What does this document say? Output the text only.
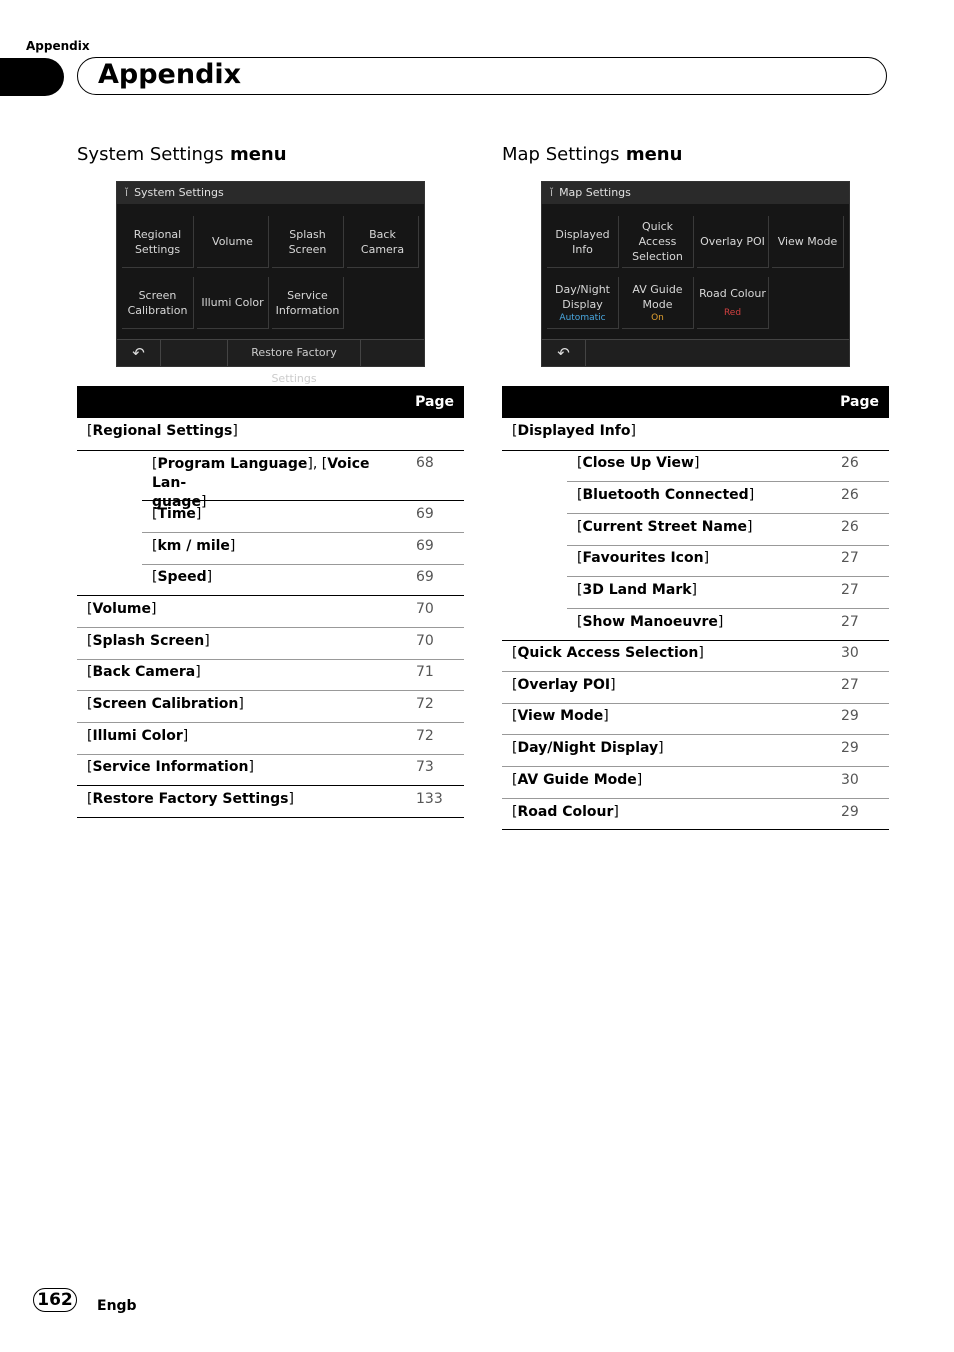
Appendix
Appendix
System Settings menu
ǐ System Settings
Regional
Settings
Volume
Splash
Screen
Back
Camera
Screen
Calibration
Illumi Color
Service
Information
↶	Restore Factory Settings
Page
[Regional Settings]
[Program Language], [Voice Lan-
guage]
68
[Time]	69
[km / mile]	69
[Speed]	69
[Volume]	70
[Splash Screen]	70
[Back Camera]	71
[Screen Calibration]	72
[Illumi Color]	72
[Service Information]	73
[Restore Factory Settings]	133
Map Settings menu
ǐ Map Settings
Displayed
Info
Quick Access
Selection
Overlay POI	View Mode
Day/Night
Display
Automatic
AV Guide
Mode
On
Road Colour
Red
↶
Page
[Displayed Info]
[Close Up View]	26
[Bluetooth Connected]	26
[Current Street Name]	26
[Favourites Icon]	27
[3D Land Mark]	27
[Show Manoeuvre]	27
[Quick Access Selection]	30
[Overlay POI]	27
[View Mode]	29
[Day/Night Display]	29
[AV Guide Mode]	30
[Road Colour]	29
162	Engb
